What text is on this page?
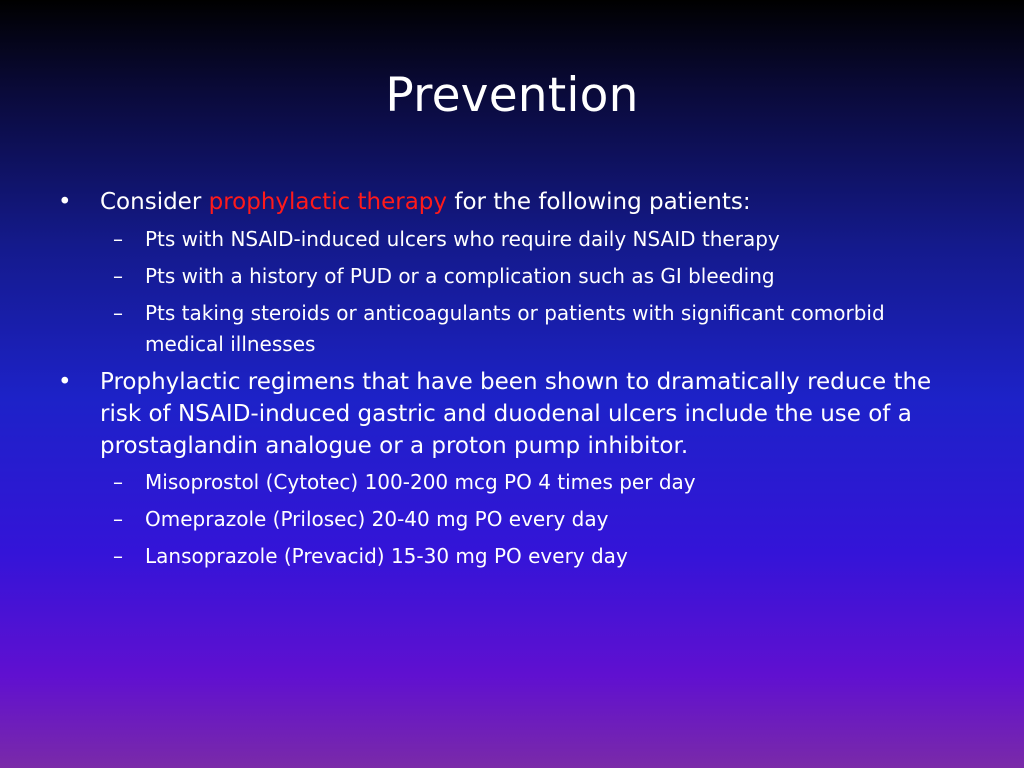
Prevention
• Consider prophylactic therapy for the following patients:
– Pts with NSAID-induced ulcers who require daily NSAID therapy
– Pts with a history of PUD or a complication such as GI bleeding
– Pts taking steroids or anticoagulants or patients with significant comorbid medical illnesses
• Prophylactic regimens that have been shown to dramatically reduce the risk of NSAID-induced gastric and duodenal ulcers include the use of a prostaglandin analogue or a proton pump inhibitor.
– Misoprostol (Cytotec) 100-200 mcg PO 4 times per day
– Omeprazole (Prilosec) 20-40 mg PO every day
– Lansoprazole (Prevacid) 15-30 mg PO every day
